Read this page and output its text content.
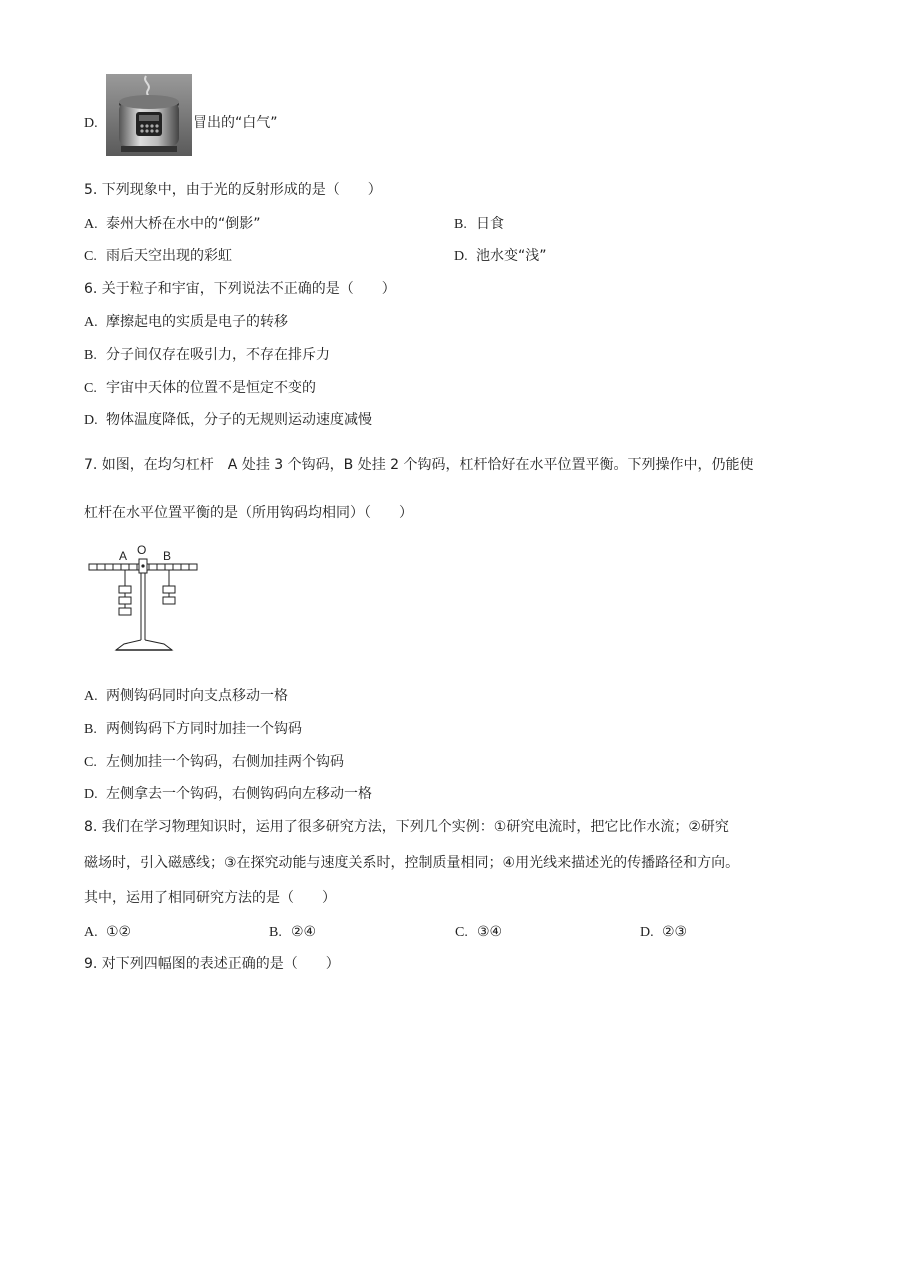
D.	冒出的“白气”
5. 下列现象中，由于光的反射形成的是（　　）
A. 泰州大桥在水中的“倒影”	B. 日食
C. 雨后天空出现的彩虹	D. 池水变“浅”
6. 关于粒子和宇宙，下列说法不正确的是（　　）
A. 摩擦起电的实质是电子的转移
B. 分子间仅存在吸引力，不存在排斥力
C. 宇宙中天体的位置不是恒定不变的
D. 物体温度降低，分子的无规则运动速度减慢
7. 如图，在均匀杠杆　A 处挂 3 个钩码，B 处挂 2 个钩码，杠杆恰好在水平位置平衡。下列操作中，仍能使
杠杆在水平位置平衡的是（所用钩码均相同）（　　）
A O B
A. 两侧钩码同时向支点移动一格
B. 两侧钩码下方同时加挂一个钩码
C. 左侧加挂一个钩码，右侧加挂两个钩码
D. 左侧拿去一个钩码，右侧钩码向左移动一格
8. 我们在学习物理知识时，运用了很多研究方法，下列几个实例：①研究电流时，把它比作水流；②研究
磁场时，引入磁感线；③在探究动能与速度关系时，控制质量相同；④用光线来描述光的传播路径和方向。
其中，运用了相同研究方法的是（　　）
A. ①②	B. ②④	C. ③④	D. ②③
9. 对下列四幅图的表述正确的是（　　）
